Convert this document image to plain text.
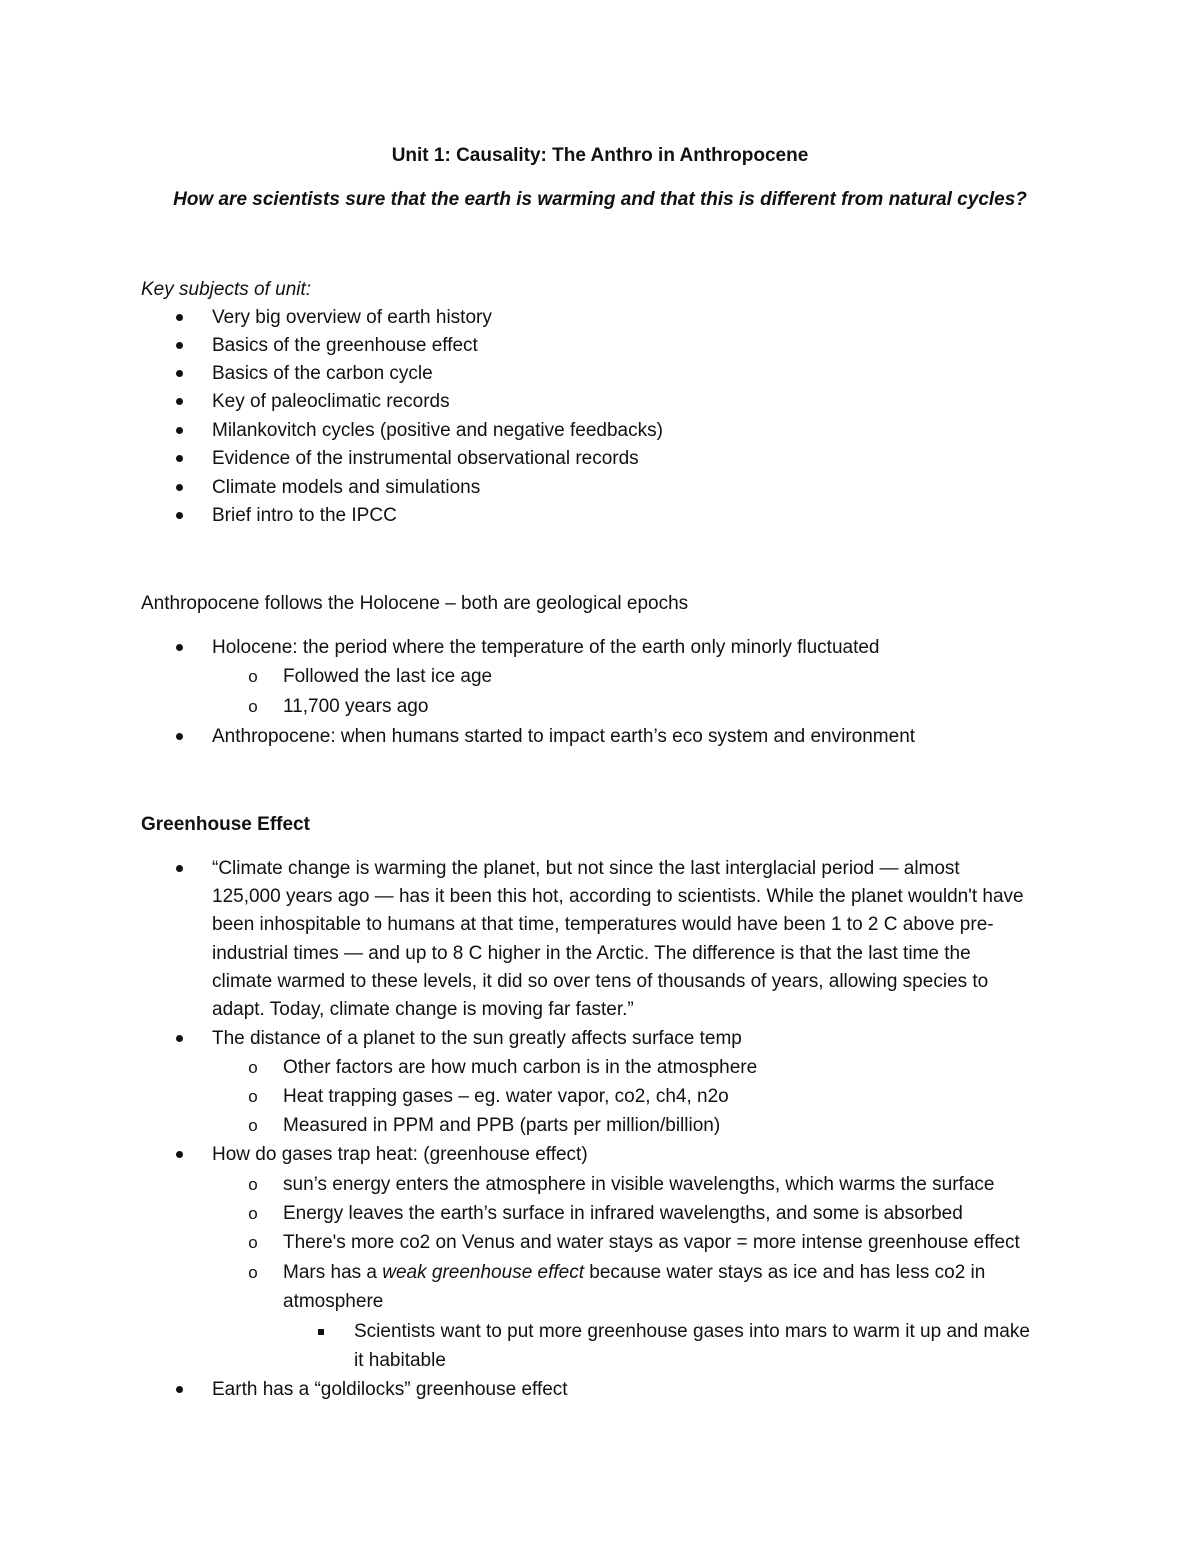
Unit 1: Causality: The Anthro in Anthropocene

How are scientists sure that the earth is warming and that this is different from natural cycles?

Key subjects of unit:

Very big overview of earth history

Basics of the greenhouse effect

Basics of the carbon cycle

Key of paleoclimatic records

Milankovitch cycles (positive and negative feedbacks)

Evidence of the instrumental observational records

Climate models and simulations

Brief intro to the IPCC

Anthropocene follows the Holocene – both are geological epochs

Holocene: the period where the temperature of the earth only minorly fluctuated

o Followed the last ice age

o 11,700 years ago

Anthropocene: when humans started to impact earth’s eco system and environment

Greenhouse Effect

“Climate change is warming the planet, but not since the last interglacial period — almost

125,000 years ago — has it been this hot, according to scientists. While the planet wouldn't have

been inhospitable to humans at that time, temperatures would have been 1 to 2 C above pre-

industrial times — and up to 8 C higher in the Arctic. The difference is that the last time the

climate warmed to these levels, it did so over tens of thousands of years, allowing species to

adapt. Today, climate change is moving far faster.”

The distance of a planet to the sun greatly affects surface temp

o Other factors are how much carbon is in the atmosphere

o Heat trapping gases – eg. water vapor, co2, ch4, n2o

o Measured in PPM and PPB (parts per million/billion)

How do gases trap heat: (greenhouse effect)

o sun’s energy enters the atmosphere in visible wavelengths, which warms the surface

o Energy leaves the earth’s surface in infrared wavelengths, and some is absorbed

o There's more co2 on Venus and water stays as vapor = more intense greenhouse effect

o Mars has a weak greenhouse effect because water stays as ice and has less co2 in

atmosphere

Scientists want to put more greenhouse gases into mars to warm it up and make

it habitable

Earth has a “goldilocks” greenhouse effect
